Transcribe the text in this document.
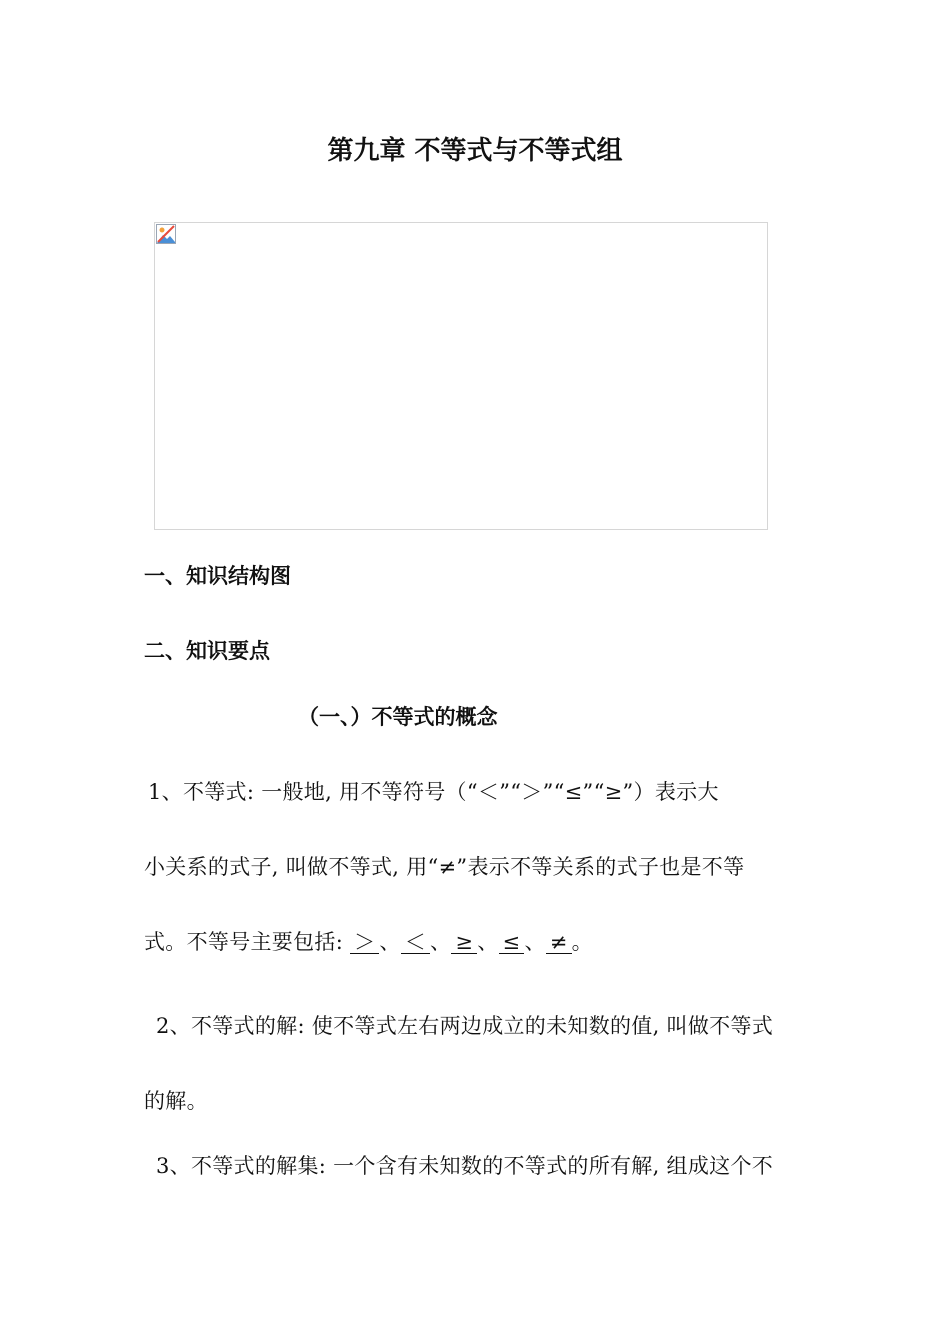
第九章 不等式与不等式组
一、知识结构图
二、知识要点
（一、）不等式的概念
1、不等式: 一般地, 用不等符号（“＜”“＞”“≤”“≥”）表示大
小关系的式子, 叫做不等式, 用“≠”表示不等关系的式子也是不等
式。不等号主要包括: ＞ 、 ＜ 、 ≥ 、 ≤ 、 ≠ 。
2、不等式的解: 使不等式左右两边成立的未知数的值, 叫做不等式
的解。
3、不等式的解集: 一个含有未知数的不等式的所有解, 组成这个不
